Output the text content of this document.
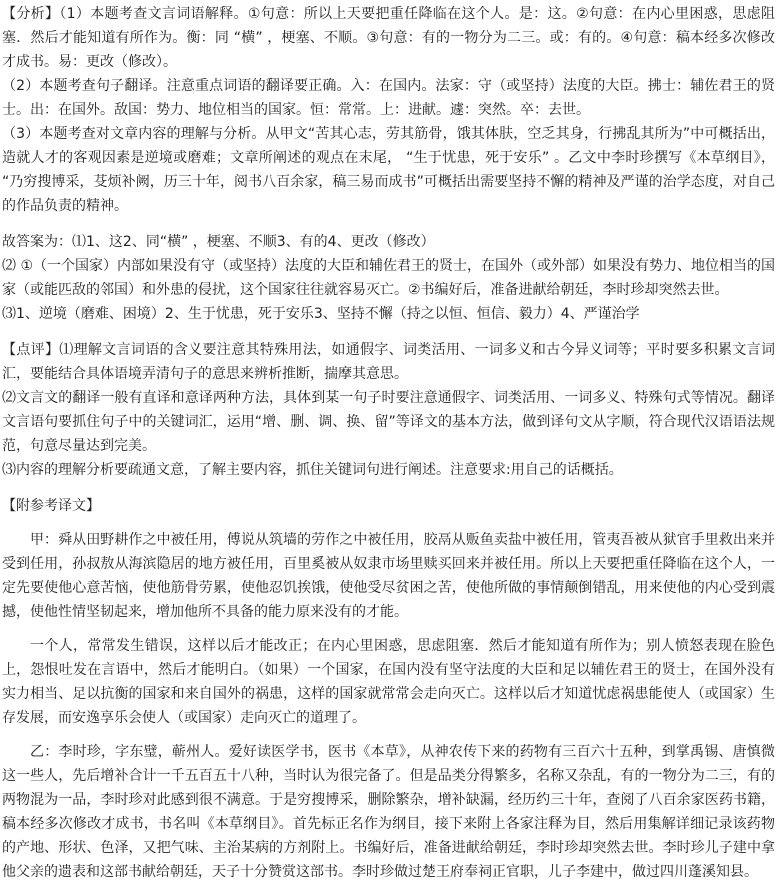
【分析】（1）本题考查文言词语解释。①句意：所以上天要把重任降临在这个人。是：这。②句意：在内心里困惑，思虑阻塞．然后才能知道有所作为。衡：同 “横” ，梗塞、不顺。③句意：有的一物分为二三。或：有的。④句意：稿本经多次修改才成书。易：更改（修改）。

（2）本题考查句子翻译。注意重点词语的翻译要正确。入：在国内。法家：守（或坚持）法度的大臣。拂士：辅佐君王的贤士。出：在国外。敌国：势力、地位相当的国家。恒：常常。上：进献。遽：突然。卒：去世。

（3）本题考查对文章内容的理解与分析。从甲文“苦其心志，劳其筋骨，饿其体肤，空乏其身，行拂乱其所为”中可概括出，造就人才的客观因素是逆境或磨难；文章所阐述的观点在末尾， “生于忧患，死于安乐” 。乙文中李时珍撰写《本草纲目》， “乃穷搜博采，芟烦补阙，历三十年，阅书八百余家，稿三易而成书”可概括出需要坚持不懈的精神及严谨的治学态度，对自己的作品负责的精神。

故答案为：⑴1、这2、同“横” ，梗塞、不顺3、有的4、更改（修改）

⑵ ①（一个国家）内部如果没有守（或坚持）法度的大臣和辅佐君王的贤士，在国外（或外部）如果没有势力、地位相当的国家（或能匹敌的邻国）和外患的侵扰，这个国家往往就容易灭亡。②书编好后，准备进献给朝廷，李时珍却突然去世。

⑶1、逆境（磨难、困境）2、生于忧患，死于安乐3、坚持不懈（持之以恒、恒信、毅力）4、严谨治学

【点评】⑴理解文言词语的含义要注意其特殊用法，如通假字、词类活用、一词多义和古今异义词等；平时要多积累文言词汇，要能结合具体语境弄清句子的意思来辨析推断，揣摩其意思。

⑵文言文的翻译一般有直译和意译两种方法，具体到某一句子时要注意通假字、词类活用、一词多义、特殊句式等情况。翻译文言语句要抓住句子中的关键词汇，运用“增、删、调、换、留”等译文的基本方法，做到译句文从字顺，符合现代汉语语法规范，句意尽量达到完美。

⑶内容的理解分析要疏通文意，了解主要内容，抓住关键词句进行阐述。注意要求:用自己的话概括。

【附参考译文】

甲：舜从田野耕作之中被任用，傅说从筑墙的劳作之中被任用，胶鬲从贩鱼卖盐中被任用，管夷吾被从狱官手里救出来并受到任用，孙叔敖从海滨隐居的地方被任用，百里奚被从奴隶市场里赎买回来并被任用。所以上天要把重任降临在这个人，一定先要使他心意苦恼，使他筋骨劳累，使他忍饥挨饿，使他受尽贫困之苦，使他所做的事情颠倒错乱，用来使他的内心受到震撼，使他性情坚韧起来，增加他所不具备的能力原来没有的才能。

一个人，常常发生错误，这样以后才能改正；在内心里困惑，思虑阻塞．然后才能知道有所作为；别人愤怒表现在脸色上，怨恨吐发在言语中，然后才能明白。（如果）一个国家，在国内没有坚守法度的大臣和足以辅佐君王的贤士，在国外没有实力相当、足以抗衡的国家和来自国外的祸患，这样的国家就常常会走向灭亡。这样以后才知道忧虑祸患能使人（或国家）生存发展，而安逸享乐会使人（或国家）走向灭亡的道理了。

乙：李时珍，字东璧，蕲州人。爱好读医学书，医书《本草》，从神农传下来的药物有三百六十五种，到掌禹锡、唐慎微这一些人，先后增补合计一千五百五十八种，当时认为很完备了。但是品类分得繁多，名称又杂乱，有的一物分为二三，有的两物混为一品，李时珍对此感到很不满意。于是穷搜博采，删除繁杂，增补缺漏，经历约三十年，查阅了八百余家医药书籍，稿本经多次修改才成书，书名叫《本草纲目》。首先标正名作为纲目，接下来附上各家注释为目，然后用集解详细记录该药物的产地、形状、色泽，又把气味、主治某病的方剂附上。书编好后，准备进献给朝廷，李时珍却突然去世。李时珍儿子建中拿他父亲的遗表和这部书献给朝廷，天子十分赞赏这部书。李时珍做过楚王府奉祠正官职，儿子李建中，做过四川蓬溪知县。
